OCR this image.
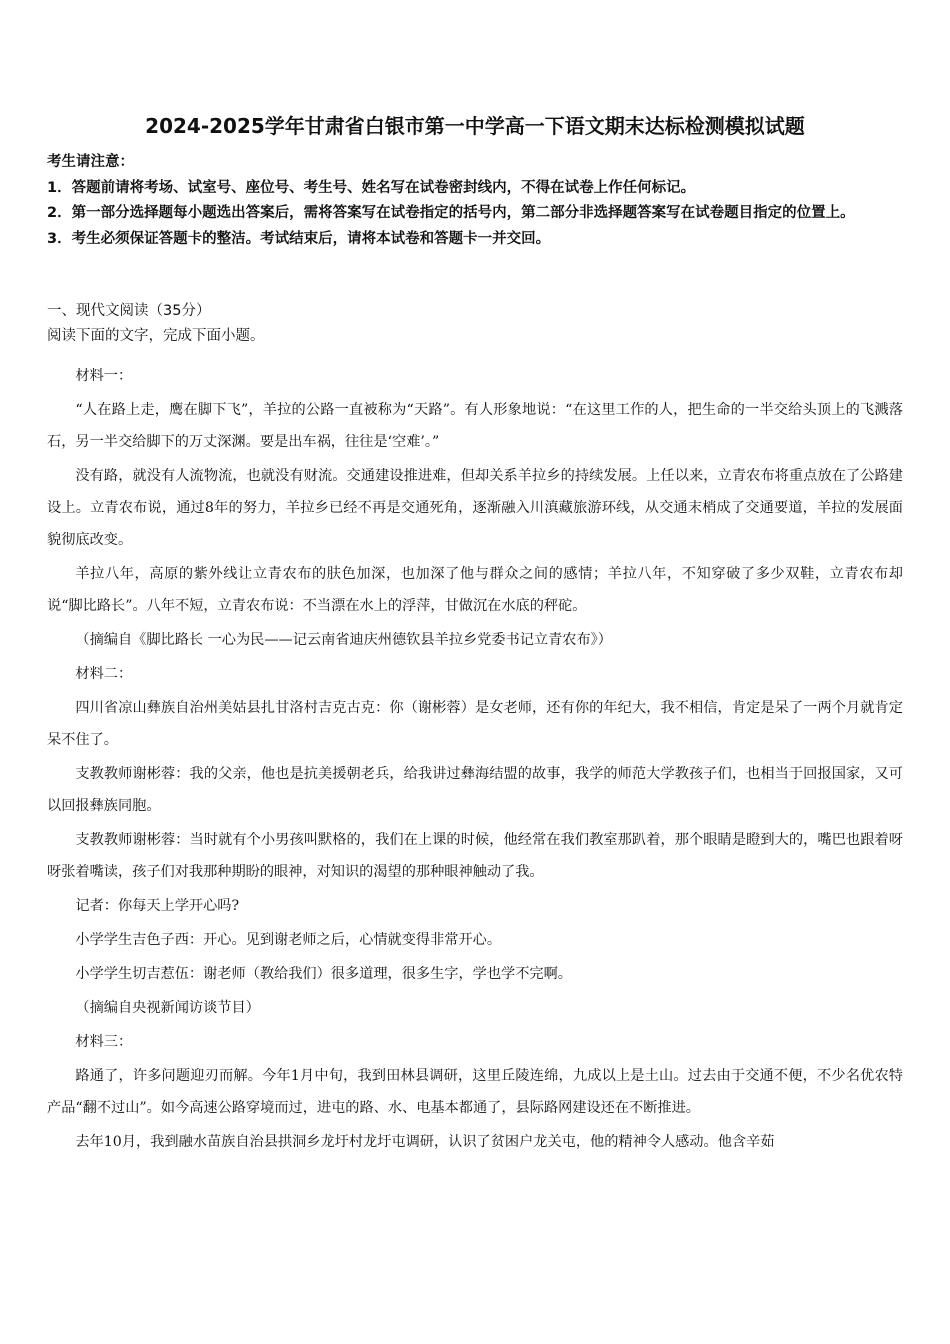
2024-2025学年甘肃省白银市第一中学高一下语文期末达标检测模拟试题

考生请注意：

1．答题前请将考场、试室号、座位号、考生号、姓名写在试卷密封线内，不得在试卷上作任何标记。

2．第一部分选择题每小题选出答案后，需将答案写在试卷指定的括号内，第二部分非选择题答案写在试卷题目指定的位置上。

3．考生必须保证答题卡的整洁。考试结束后，请将本试卷和答题卡一并交回。

一、现代文阅读（35分）
阅读下面的文字，完成下面小题。

材料一：

“人在路上走，鹰在脚下飞”，羊拉的公路一直被称为“天路”。有人形象地说：“在这里工作的人，把生命的一半交给头顶上的飞溅落石，另一半交给脚下的万丈深渊。要是出车祸，往往是‘空难’。”

没有路，就没有人流物流，也就没有财流。交通建设推进难，但却关系羊拉乡的持续发展。上任以来，立青农布将重点放在了公路建设上。立青农布说，通过8年的努力，羊拉乡已经不再是交通死角，逐渐融入川滇藏旅游环线，从交通末梢成了交通要道，羊拉的发展面貌彻底改变。

羊拉八年，高原的紫外线让立青农布的肤色加深，也加深了他与群众之间的感情；羊拉八年，不知穿破了多少双鞋，立青农布却说“脚比路长”。八年不短，立青农布说：不当漂在水上的浮萍，甘做沉在水底的秤砣。

（摘编自《脚比路长 一心为民——记云南省迪庆州德钦县羊拉乡党委书记立青农布》）

材料二：

四川省凉山彝族自治州美姑县扎甘洛村吉克古克：你（谢彬蓉）是女老师，还有你的年纪大，我不相信，肯定是呆了一两个月就肯定呆不住了。

支教教师谢彬蓉：我的父亲，他也是抗美援朝老兵，给我讲过彝海结盟的故事，我学的师范大学教孩子们，也相当于回报国家，又可以回报彝族同胞。

支教教师谢彬蓉：当时就有个小男孩叫默格的，我们在上课的时候，他经常在我们教室那趴着，那个眼睛是瞪到大的，嘴巴也跟着呀呀张着嘴读，孩子们对我那种期盼的眼神，对知识的渴望的那种眼神触动了我。

记者：你每天上学开心吗?

小学学生吉色子西：开心。见到谢老师之后，心情就变得非常开心。

小学学生切吉惹伍：谢老师（教给我们）很多道理，很多生字，学也学不完啊。

（摘编自央视新闻访谈节目）

材料三：

路通了，许多问题迎刃而解。今年1月中旬，我到田林县调研，这里丘陵连绵，九成以上是土山。过去由于交通不便，不少名优农特产品“翻不过山”。如今高速公路穿境而过，进屯的路、水、电基本都通了，县际路网建设还在不断推进。

去年10月，我到融水苗族自治县拱洞乡龙圩村龙圩屯调研，认识了贫困户龙关屯，他的精神令人感动。他含辛茹
